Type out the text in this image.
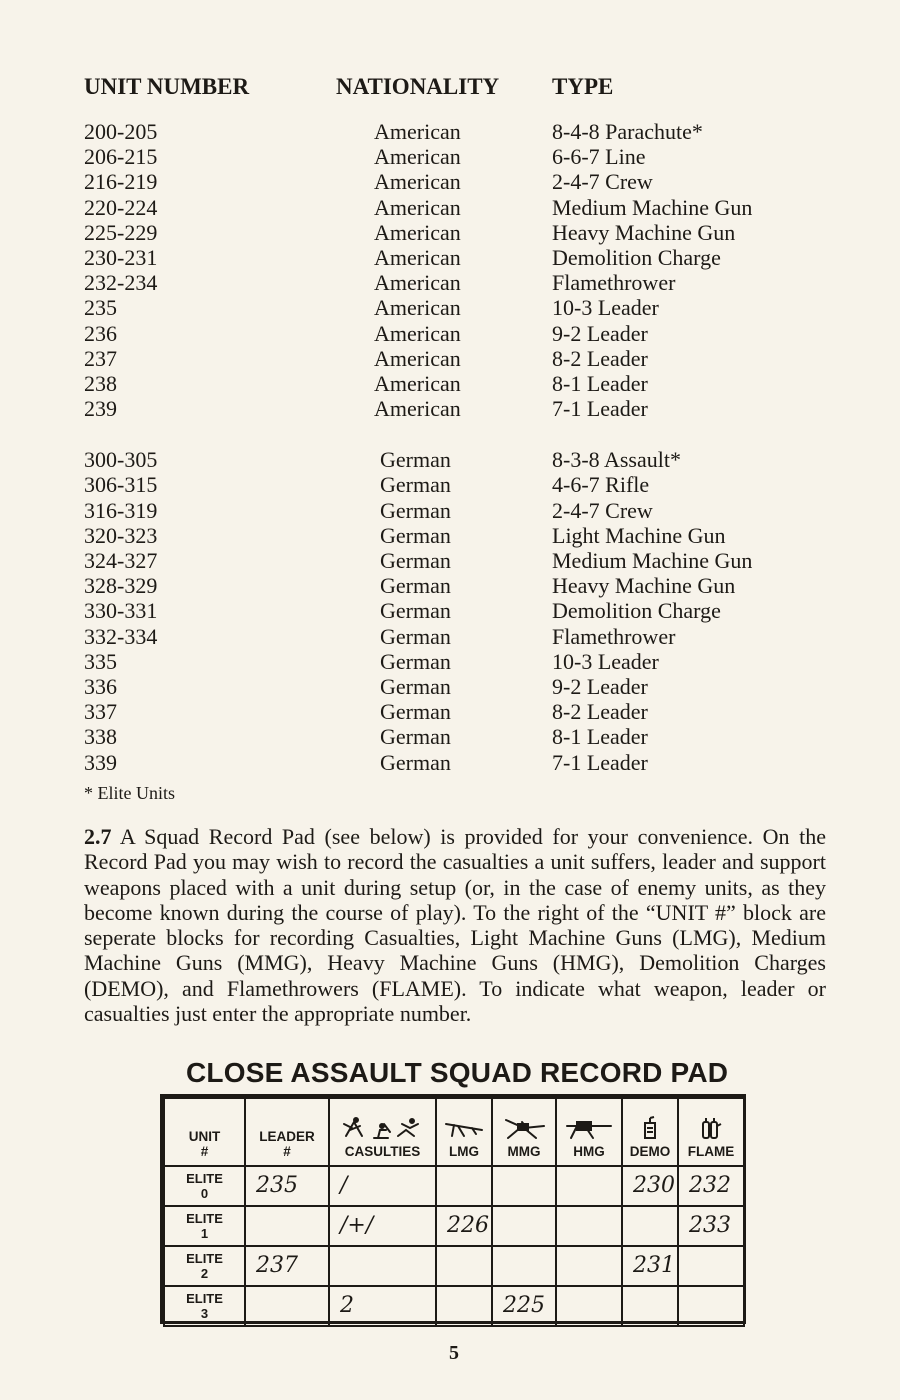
UNIT NUMBER	NATIONALITY TYPE
200-205	American	8-4-8 Parachute*
206-215	American	6-6-7 Line
216-219	American	2-4-7 Crew
220-224	American	Medium Machine Gun
225-229	American	Heavy Machine Gun
230-231	American	Demolition Charge
232-234	American	Flamethrower
235	American	10-3 Leader
236	American	9-2 Leader
237	American	8-2 Leader
238	American	8-1 Leader
239	American	7-1 Leader
300-305	German	8-3-8 Assault*
306-315	German	4-6-7 Rifle
316-319	German	2-4-7 Crew
320-323	German	Light Machine Gun
324-327	German	Medium Machine Gun
328-329	German	Heavy Machine Gun
330-331	German	Demolition Charge
332-334	German	Flamethrower
335	German	10-3 Leader
336	German	9-2 Leader
337	German	8-2 Leader
338	German	8-1 Leader
339	German	7-1 Leader
* Elite Units
2.7 A Squad Record Pad (see below) is provided for your convenience. On the Record Pad you may wish to record the casualties a unit suffers, leader and support weapons placed with a unit during setup (or, in the case of enemy units, as they become known during the course of play). To the right of the “UNIT #” block are seperate blocks for recording Casualties, Light Machine Guns (LMG), Medium Machine Guns (MMG), Heavy Machine Guns (HMG), Demolition Charges (DEMO), and Flamethrowers (FLAME). To indicate what weapon, leader or casualties just enter the appropriate number.
CLOSE ASSAULT SQUAD RECORD PAD
UNIT
#	LEADER
#	CASULTIES	LMG	MMG	HMG	DEMO	FLAME

ELITE
0	235	/				230	232

ELITE
1		/+/	226				233

ELITE
2	237					231	

ELITE
3		2		225			

5
